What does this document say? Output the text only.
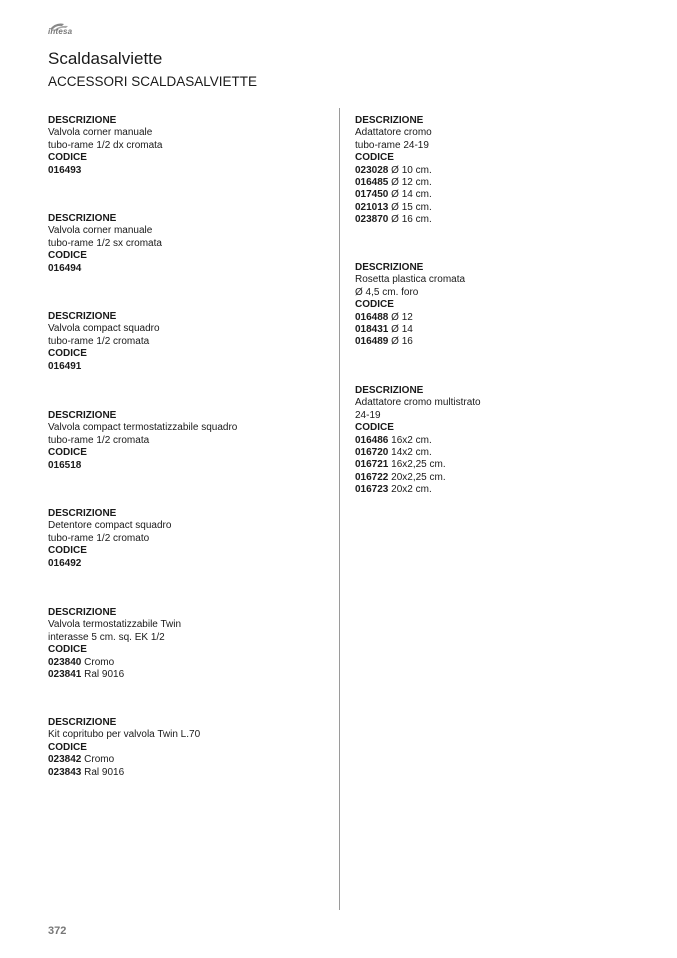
intesa
Scaldasalviette
ACCESSORI SCALDASALVIETTE
DESCRIZIONE
Valvola corner manuale
tubo-rame 1/2 dx cromata
CODICE
016493
DESCRIZIONE
Valvola corner manuale
tubo-rame 1/2 sx cromata
CODICE
016494
DESCRIZIONE
Valvola compact squadro
tubo-rame 1/2 cromata
CODICE
016491
DESCRIZIONE
Valvola compact termostatizzabile squadro
tubo-rame 1/2 cromata
CODICE
016518
DESCRIZIONE
Detentore compact squadro
tubo-rame 1/2 cromato
CODICE
016492
DESCRIZIONE
Valvola termostatizzabile Twin
interasse 5 cm. sq. EK 1/2
CODICE
023840 Cromo
023841 Ral 9016
DESCRIZIONE
Kit copritubo per valvola Twin L.70
CODICE
023842 Cromo
023843 Ral 9016
DESCRIZIONE
Adattatore cromo
tubo-rame 24-19
CODICE
023028 Ø 10 cm.
016485 Ø 12 cm.
017450 Ø 14 cm.
021013 Ø 15 cm.
023870 Ø 16 cm.
DESCRIZIONE
Rosetta plastica cromata
Ø 4,5 cm. foro
CODICE
016488 Ø 12
018431 Ø 14
016489 Ø 16
DESCRIZIONE
Adattatore cromo multistrato
24-19
CODICE
016486 16x2 cm.
016720 14x2 cm.
016721 16x2,25 cm.
016722 20x2,25 cm.
016723 20x2 cm.
372
